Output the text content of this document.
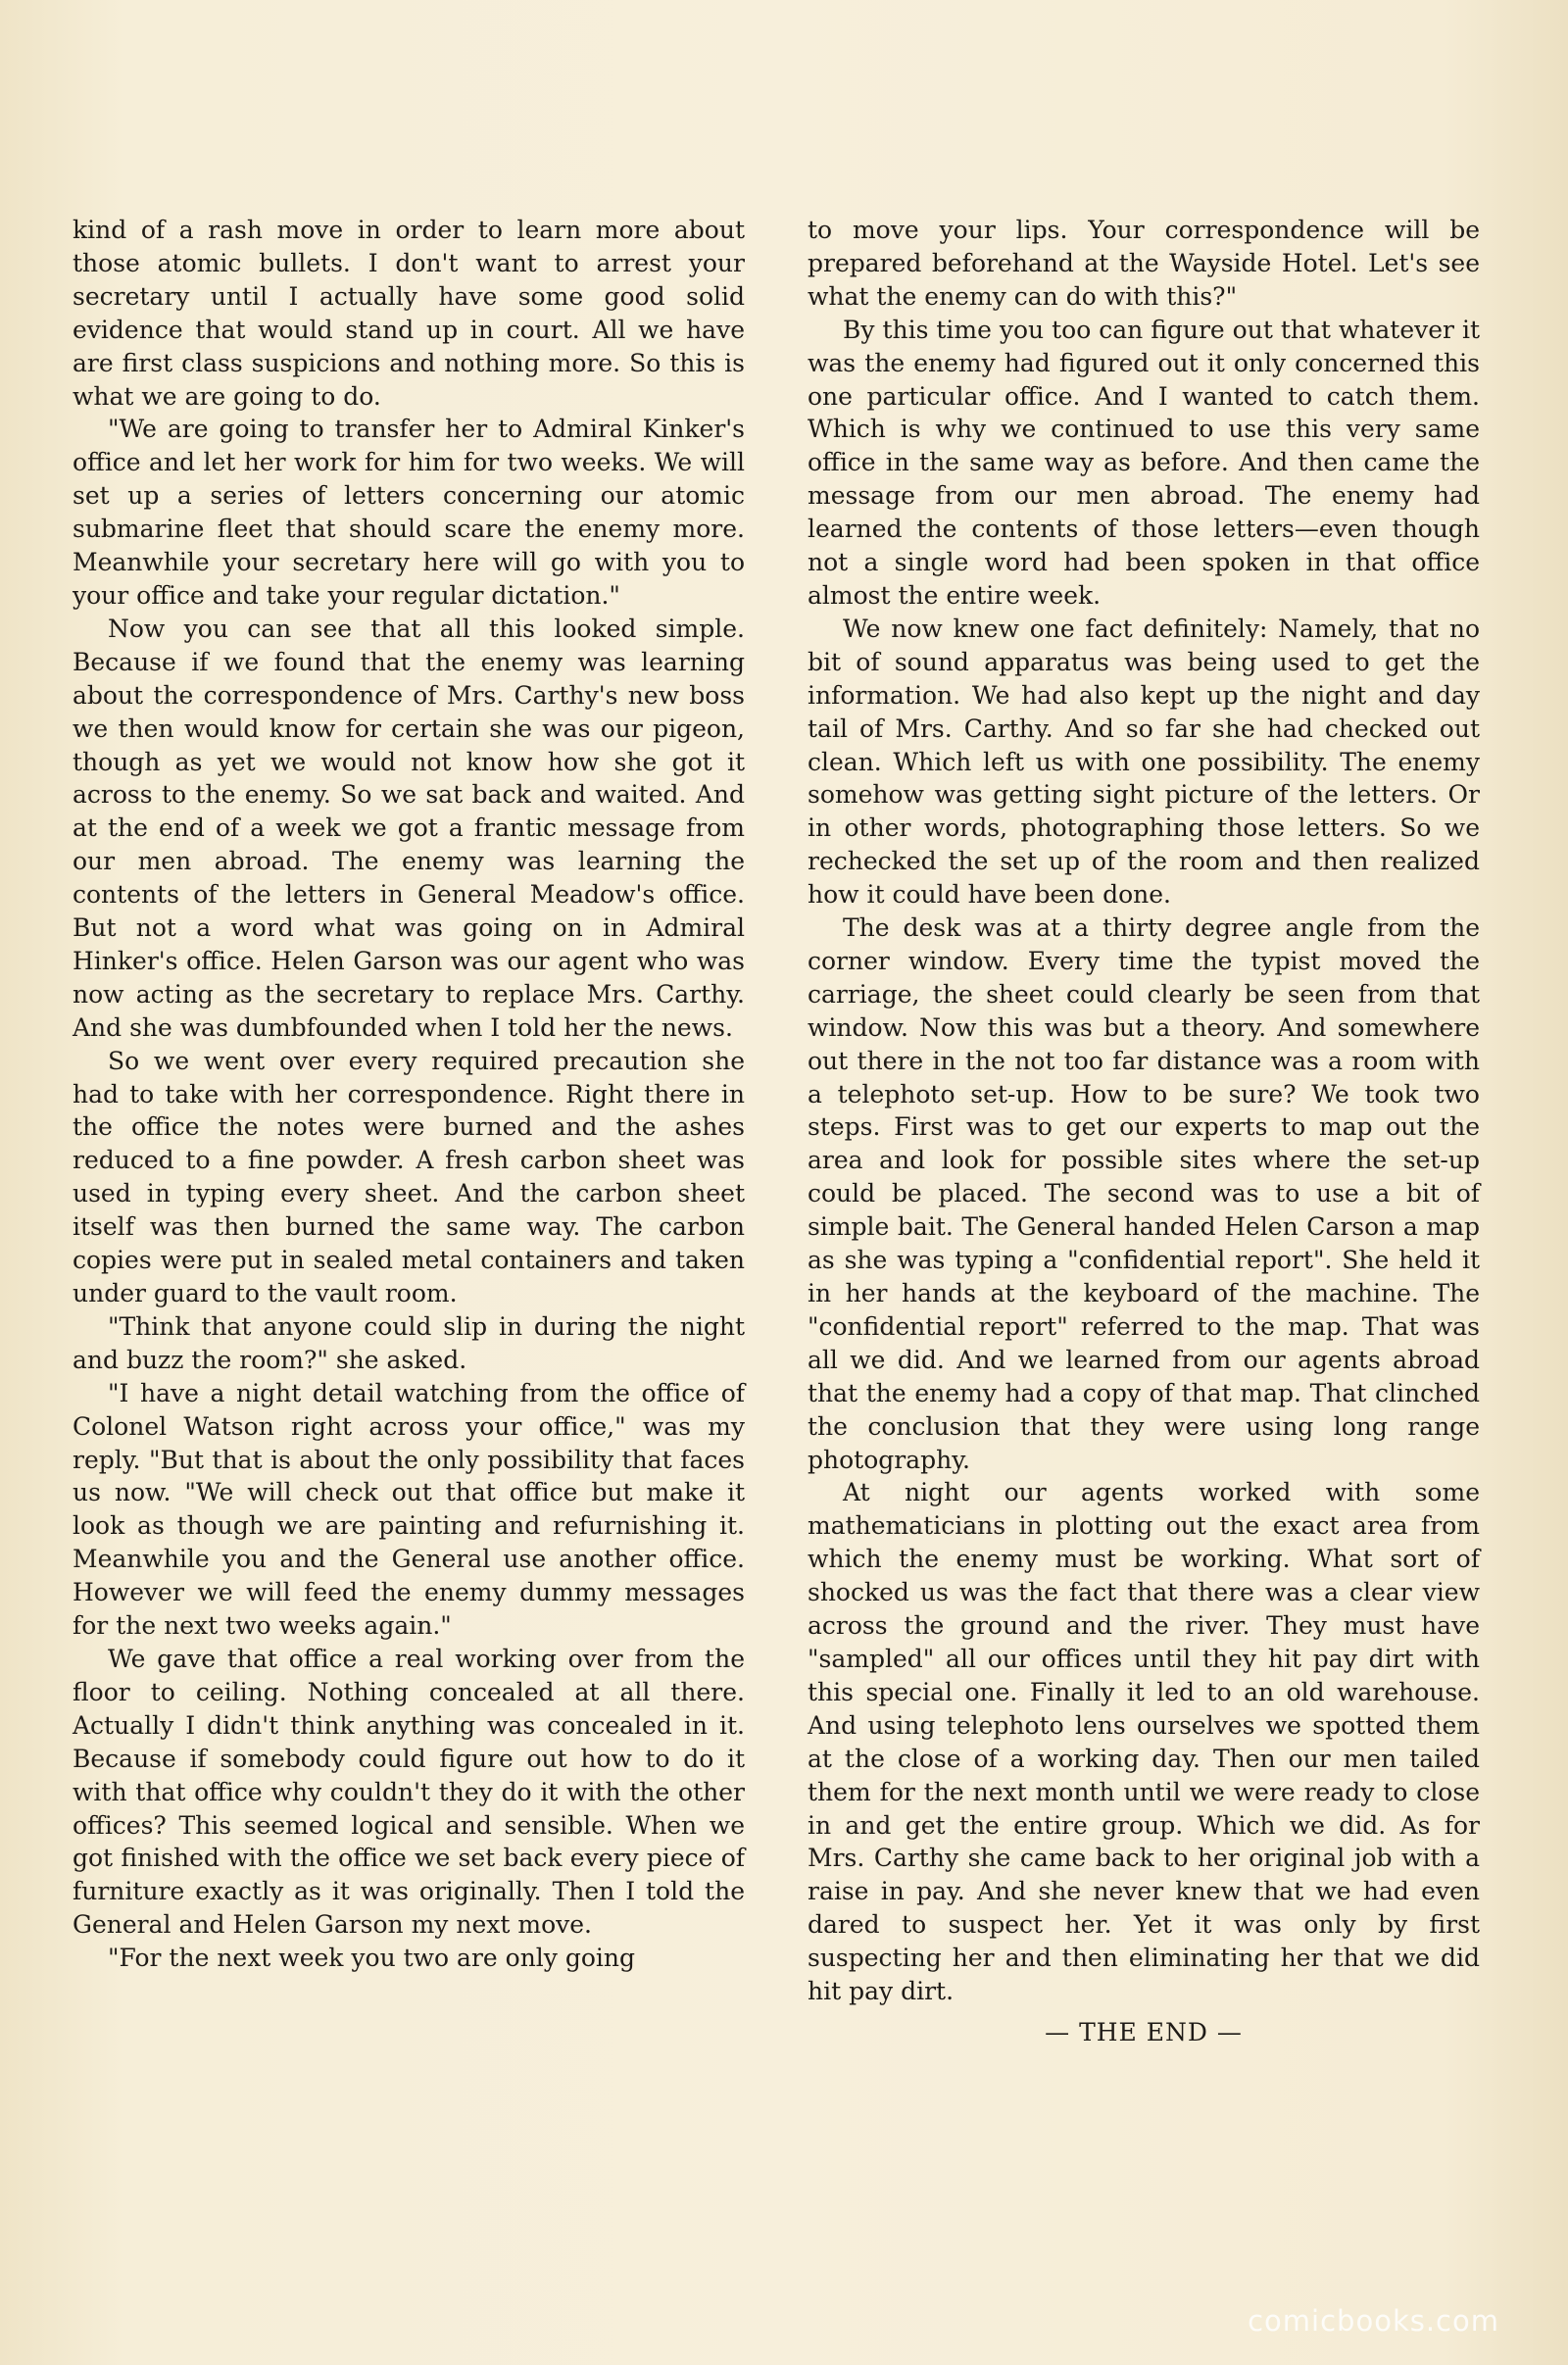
kind of a rash move in order to learn more about those atomic bullets. I don't want to arrest your secretary until I actually have some good solid evidence that would stand up in court. All we have are first class suspicions and nothing more. So this is what we are going to do.

"We are going to transfer her to Admiral Kinker's office and let her work for him for two weeks. We will set up a series of letters concerning our atomic submarine fleet that should scare the enemy more. Meanwhile your secretary here will go with you to your office and take your regular dictation."

Now you can see that all this looked simple. Because if we found that the enemy was learning about the correspondence of Mrs. Carthy's new boss we then would know for certain she was our pigeon, though as yet we would not know how she got it across to the enemy. So we sat back and waited. And at the end of a week we got a frantic message from our men abroad. The enemy was learning the contents of the letters in General Meadow's office. But not a word what was going on in Admiral Hinker's office. Helen Garson was our agent who was now acting as the secretary to replace Mrs. Carthy. And she was dumbfounded when I told her the news.

So we went over every required precaution she had to take with her correspondence. Right there in the office the notes were burned and the ashes reduced to a fine powder. A fresh carbon sheet was used in typing every sheet. And the carbon sheet itself was then burned the same way. The carbon copies were put in sealed metal containers and taken under guard to the vault room.

"Think that anyone could slip in during the night and buzz the room?" she asked.

"I have a night detail watching from the office of Colonel Watson right across your office," was my reply. "But that is about the only possibility that faces us now. "We will check out that office but make it look as though we are painting and refurnishing it. Meanwhile you and the General use another office. However we will feed the enemy dummy messages for the next two weeks again."

We gave that office a real working over from the floor to ceiling. Nothing concealed at all there. Actually I didn't think anything was concealed in it. Because if somebody could figure out how to do it with that office why couldn't they do it with the other offices? This seemed logical and sensible. When we got finished with the office we set back every piece of furniture exactly as it was originally. Then I told the General and Helen Garson my next move.

"For the next week you two are only going

to move your lips. Your correspondence will be prepared beforehand at the Wayside Hotel. Let's see what the enemy can do with this?"

By this time you too can figure out that whatever it was the enemy had figured out it only concerned this one particular office. And I wanted to catch them. Which is why we continued to use this very same office in the same way as before. And then came the message from our men abroad. The enemy had learned the contents of those letters—even though not a single word had been spoken in that office almost the entire week.

We now knew one fact definitely: Namely, that no bit of sound apparatus was being used to get the information. We had also kept up the night and day tail of Mrs. Carthy. And so far she had checked out clean. Which left us with one possibility. The enemy somehow was getting sight picture of the letters. Or in other words, photographing those letters. So we rechecked the set up of the room and then realized how it could have been done.

The desk was at a thirty degree angle from the corner window. Every time the typist moved the carriage, the sheet could clearly be seen from that window. Now this was but a theory. And somewhere out there in the not too far distance was a room with a telephoto set-up. How to be sure? We took two steps. First was to get our experts to map out the area and look for possible sites where the set-up could be placed. The second was to use a bit of simple bait. The General handed Helen Carson a map as she was typing a "confidential report". She held it in her hands at the keyboard of the machine. The "confidential report" referred to the map. That was all we did. And we learned from our agents abroad that the enemy had a copy of that map. That clinched the conclusion that they were using long range photography.

At night our agents worked with some mathematicians in plotting out the exact area from which the enemy must be working. What sort of shocked us was the fact that there was a clear view across the ground and the river. They must have "sampled" all our offices until they hit pay dirt with this special one. Finally it led to an old warehouse. And using telephoto lens ourselves we spotted them at the close of a working day. Then our men tailed them for the next month until we were ready to close in and get the entire group. Which we did. As for Mrs. Carthy she came back to her original job with a raise in pay. And she never knew that we had even dared to suspect her. Yet it was only by first suspecting her and then eliminating her that we did hit pay dirt.

— THE END —

comicbooks.com
